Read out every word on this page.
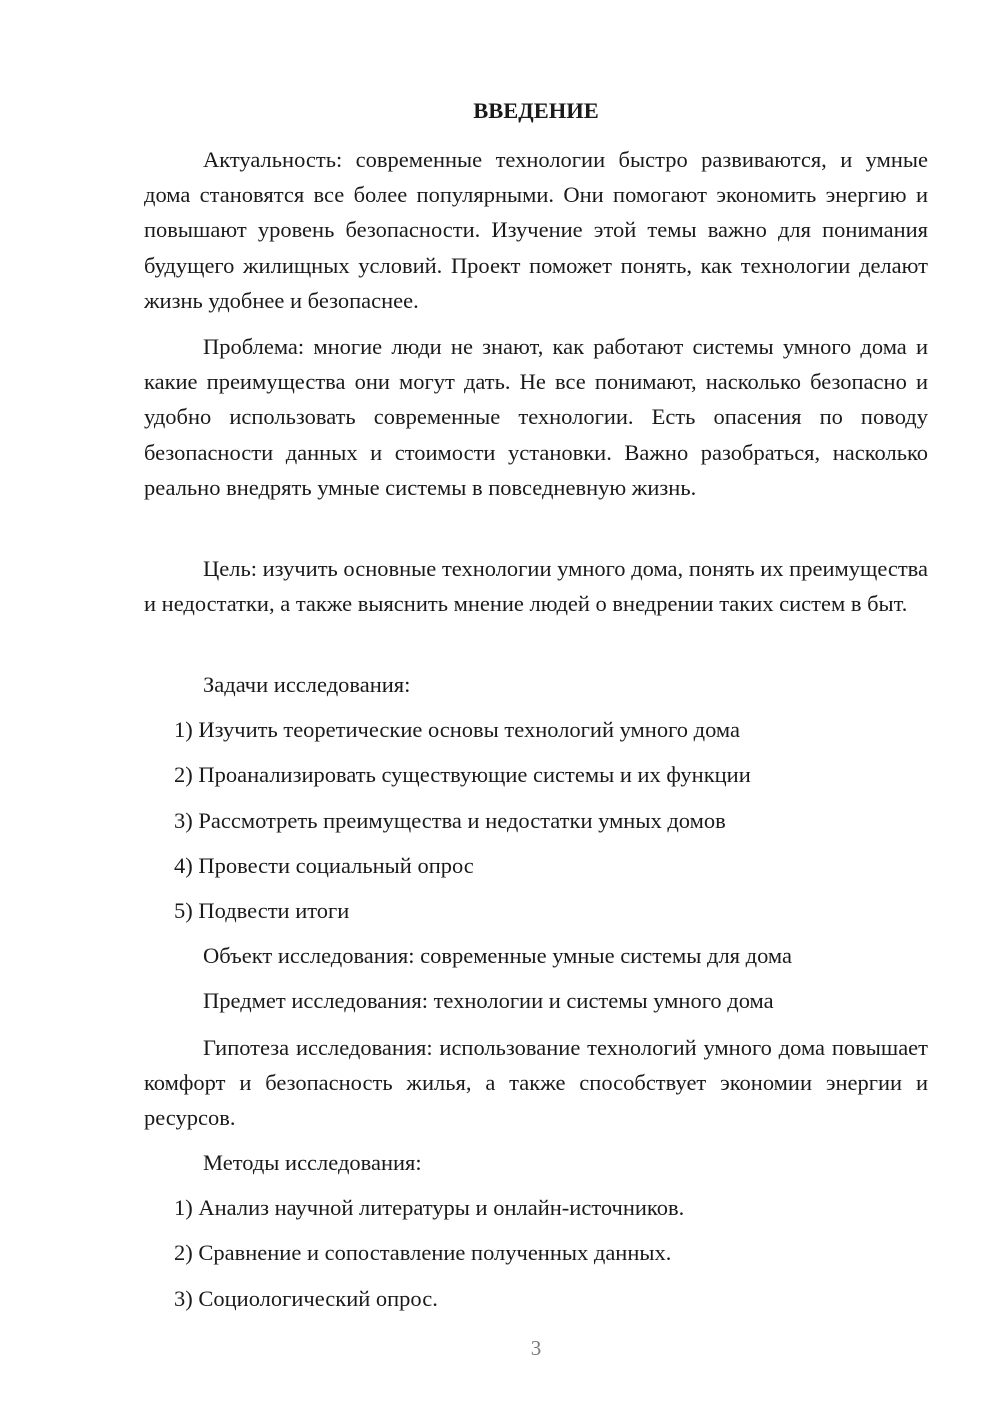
ВВЕДЕНИЕ

Актуальность: современные технологии быстро развиваются, и умные дома становятся все более популярными. Они помогают экономить энергию и повышают уровень безопасности. Изучение этой темы важно для понимания будущего жилищных условий. Проект поможет понять, как технологии делают жизнь удобнее и безопаснее.

Проблема: многие люди не знают, как работают системы умного дома и какие преимущества они могут дать. Не все понимают, насколько безопасно и удобно использовать современные технологии. Есть опасения по поводу безопасности данных и стоимости установки. Важно разобраться, насколько реально внедрять умные системы в повседневную жизнь.

Цель: изучить основные технологии умного дома, понять их преимущества и недостатки, а также выяснить мнение людей о внедрении таких систем в быт.

Задачи исследования:
1) Изучить теоретические основы технологий умного дома
2) Проанализировать существующие системы и их функции
3) Рассмотреть преимущества и недостатки умных домов
4) Провести социальный опрос
5) Подвести итоги
Объект исследования: современные умные системы для дома
Предмет исследования: технологии и системы умного дома

Гипотеза исследования: использование технологий умного дома повышает комфорт и безопасность жилья, а также способствует экономии энергии и ресурсов.

Методы исследования:
1) Анализ научной литературы и онлайн-источников.
2) Сравнение и сопоставление полученных данных.
3) Социологический опрос.
3
